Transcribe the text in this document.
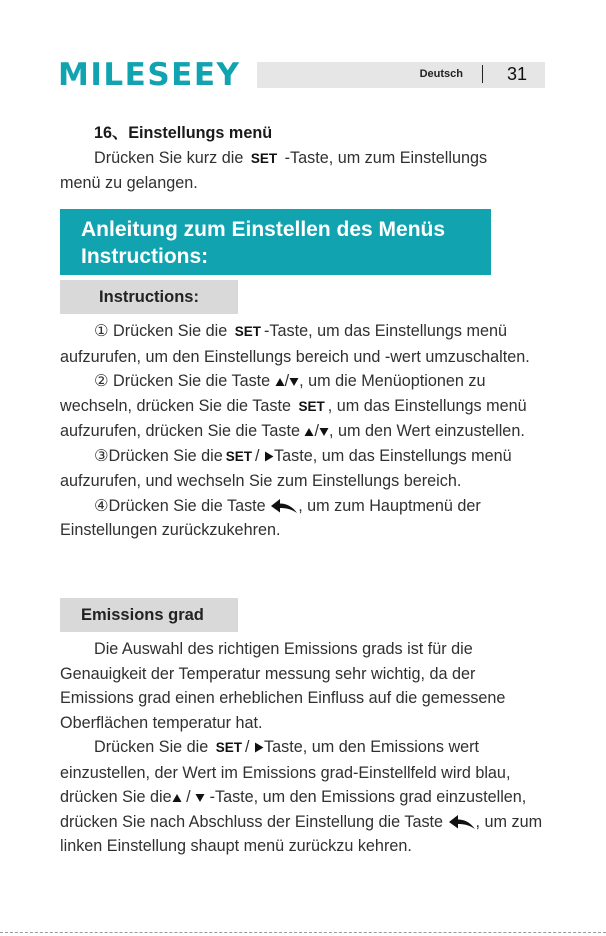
MILESEEY	Deutsch 31

16、Einstellungs menü

Drücken Sie kurz die SET -Taste, um zum Einstellungs
menü zu gelangen.

Anleitung zum Einstellen des Menüs
Instructions:
Instructions:

① Drücken Sie die SET -Taste, um das Einstellungs menü aufzurufen, um den Einstellungs bereich und -wert umzuschalten.

② Drücken Sie die Taste / , um die Menüoptionen zu wechseln, drücken Sie die Taste SET , um das Einstellungs menü aufzurufen, drücken Sie die Taste / , um den Wert einzustellen.

③Drücken Sie die SET / Taste, um das Einstellungs menü aufzurufen, und wechseln Sie zum Einstellungs bereich.

④Drücken Sie die Taste , um zum Hauptmenü der Einstellungen zurückzukehren.

Emissions grad

Die Auswahl des richtigen Emissions grads ist für die Genauigkeit der Temperatur messung sehr wichtig, da der Emissions grad einen erheblichen Einfluss auf die gemessene Oberflächen temperatur hat.

Drücken Sie die SET / Taste, um den Emissions wert einzustellen, der Wert im Emissions grad-Einstellfeld wird blau, drücken Sie die /  -Taste, um den Emissions grad einzustellen, drücken Sie nach Abschluss der Einstellung die Taste , um zum linken Einstellung shaupt menü zurückzu kehren.
